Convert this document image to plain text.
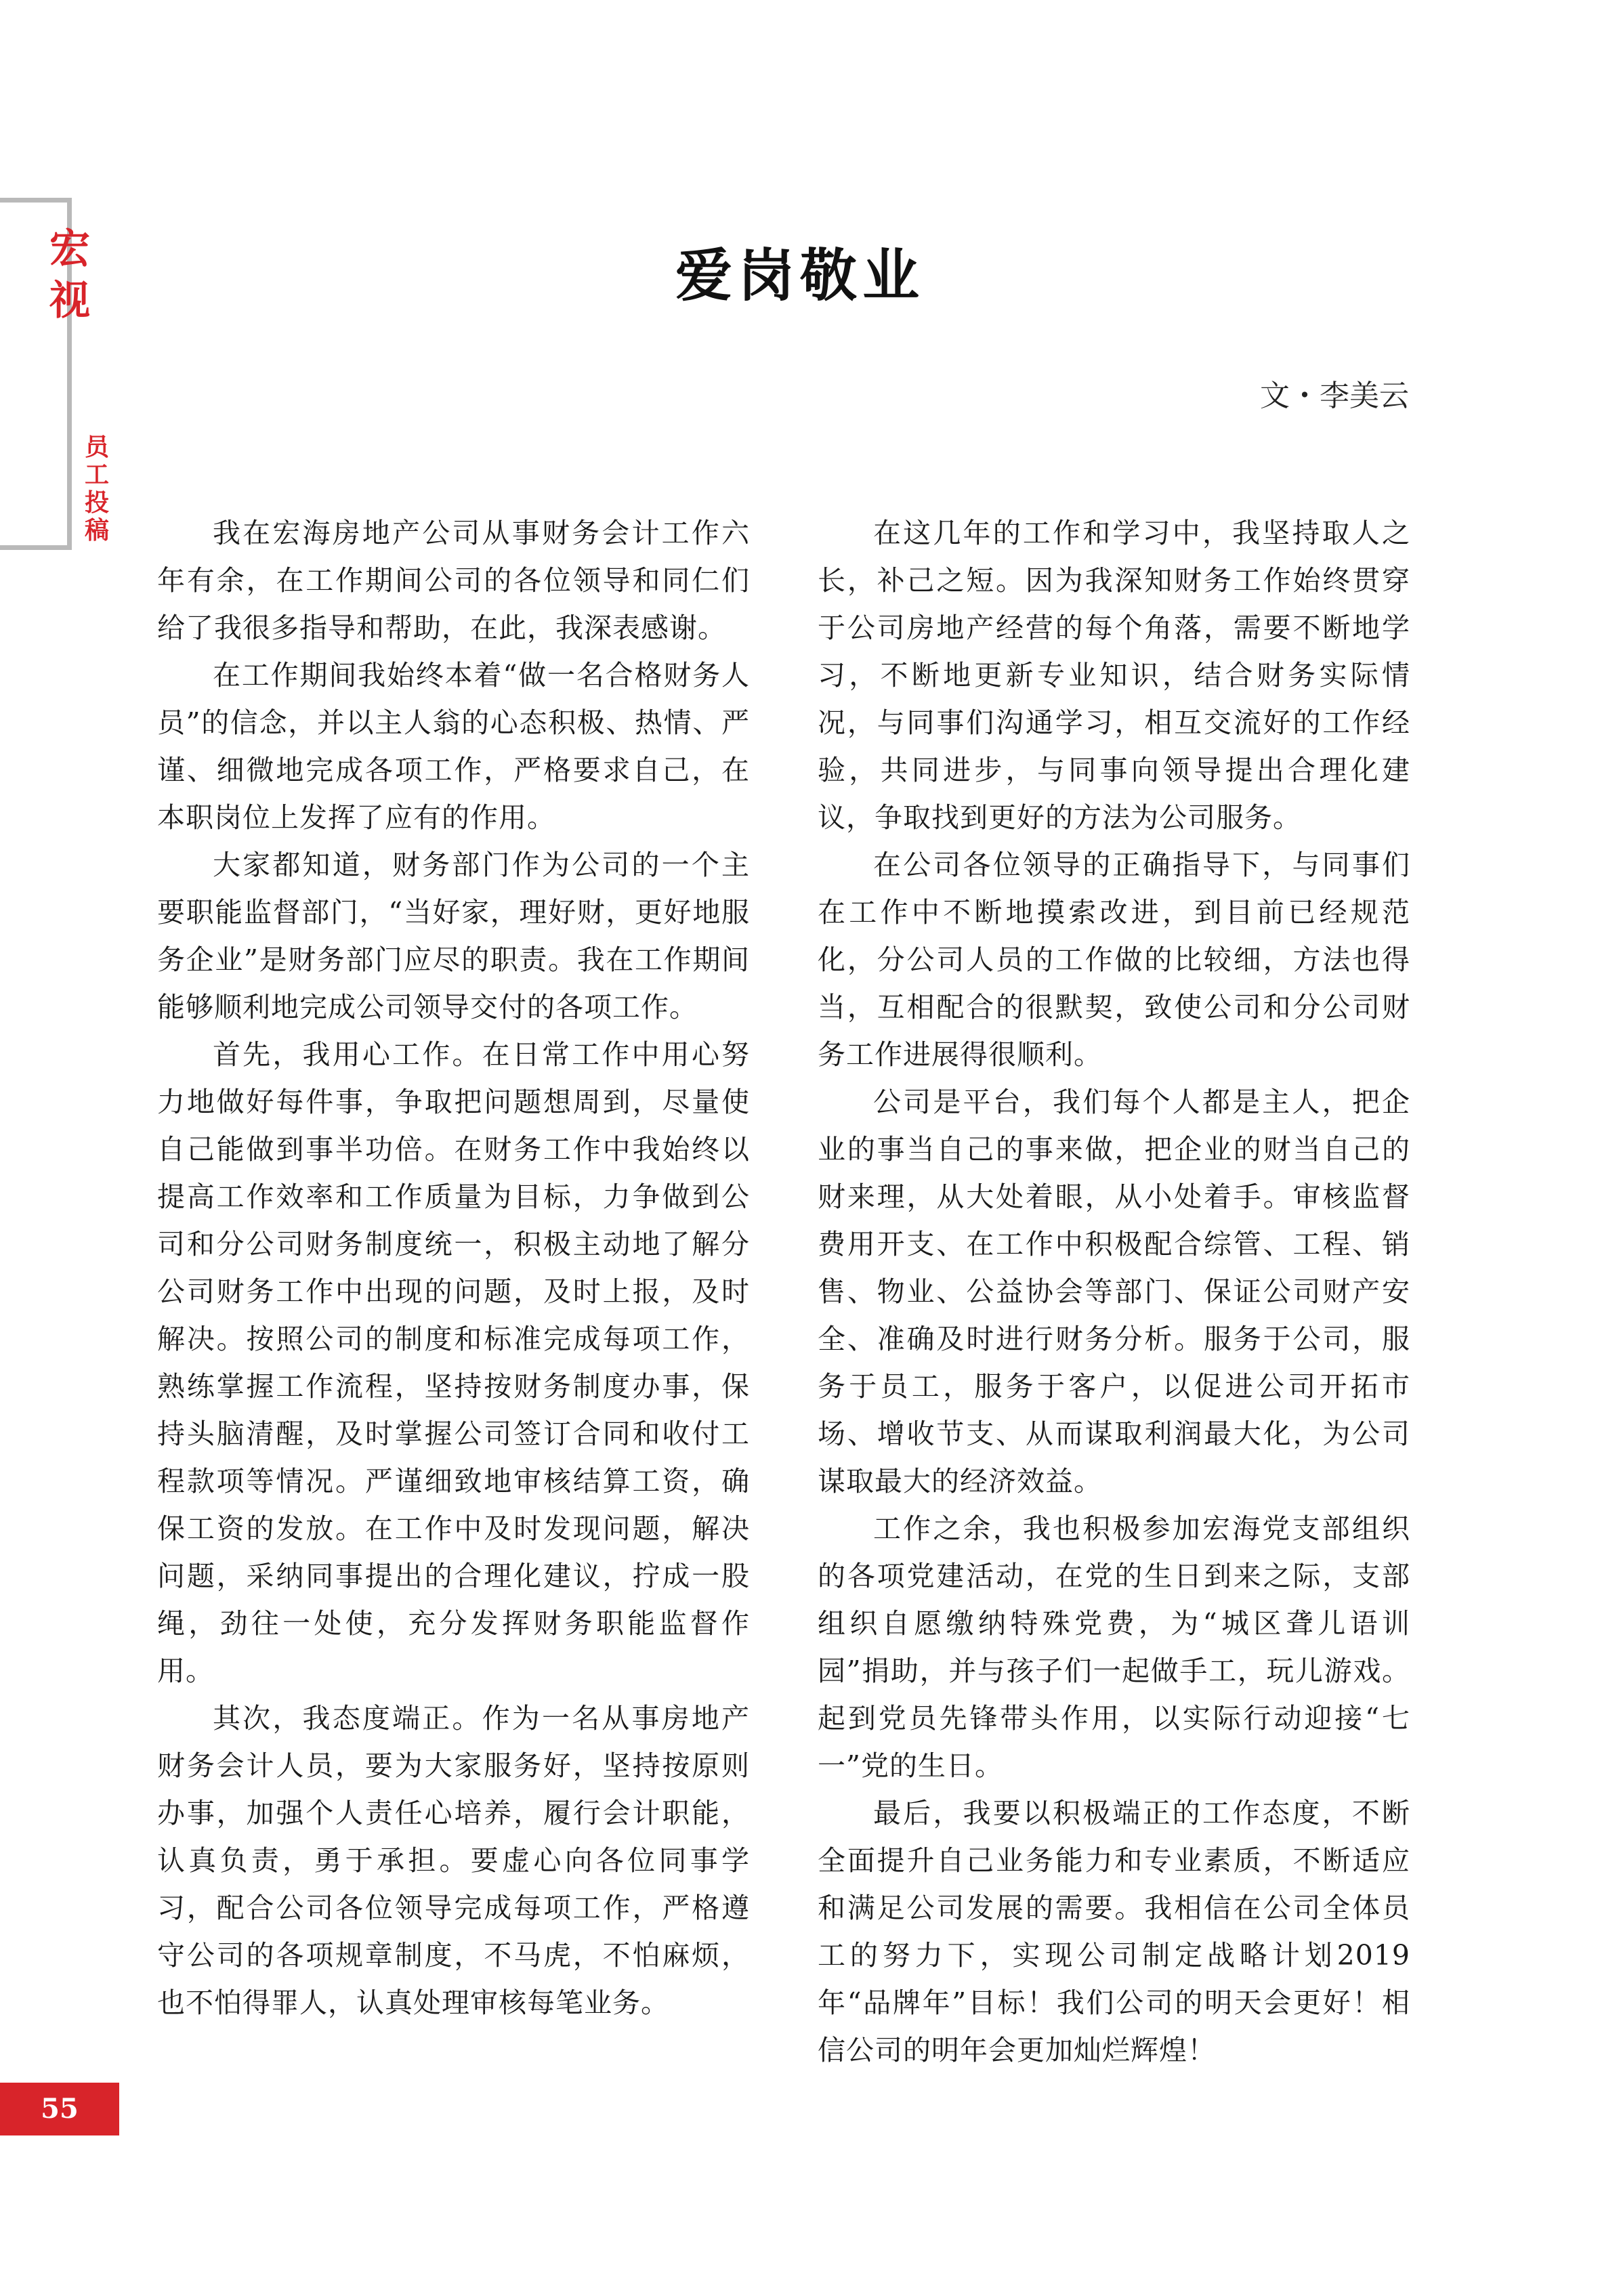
宏
视
员
工
投
稿
爱岗敬业

文・李美云

我在宏海房地产公司从事财务会计工作六年有余，在工作期间公司的各位领导和同仁们给了我很多指导和帮助，在此，我深表感谢。

在工作期间我始终本着“做一名合格财务人员”的信念，并以主人翁的心态积极、热情、严谨、细微地完成各项工作，严格要求自己，在本职岗位上发挥了应有的作用。

大家都知道，财务部门作为公司的一个主要职能监督部门，“当好家，理好财，更好地服务企业”是财务部门应尽的职责。我在工作期间能够顺利地完成公司领导交付的各项工作。

首先，我用心工作。在日常工作中用心努力地做好每件事，争取把问题想周到，尽量使自己能做到事半功倍。在财务工作中我始终以提高工作效率和工作质量为目标，力争做到公司和分公司财务制度统一，积极主动地了解分公司财务工作中出现的问题，及时上报，及时解决。按照公司的制度和标准完成每项工作，熟练掌握工作流程，坚持按财务制度办事，保持头脑清醒，及时掌握公司签订合同和收付工程款项等情况。严谨细致地审核结算工资，确保工资的发放。在工作中及时发现问题，解决问题，采纳同事提出的合理化建议，拧成一股绳，劲往一处使，充分发挥财务职能监督作用。

其次，我态度端正。作为一名从事房地产财务会计人员，要为大家服务好，坚持按原则办事，加强个人责任心培养，履行会计职能，认真负责，勇于承担。要虚心向各位同事学习，配合公司各位领导完成每项工作，严格遵守公司的各项规章制度，不马虎，不怕麻烦，也不怕得罪人，认真处理审核每笔业务。

在这几年的工作和学习中，我坚持取人之长，补己之短。因为我深知财务工作始终贯穿于公司房地产经营的每个角落，需要不断地学习，不断地更新专业知识，结合财务实际情况，与同事们沟通学习，相互交流好的工作经验，共同进步，与同事向领导提出合理化建议，争取找到更好的方法为公司服务。

在公司各位领导的正确指导下，与同事们在工作中不断地摸索改进，到目前已经规范化，分公司人员的工作做的比较细，方法也得当，互相配合的很默契，致使公司和分公司财务工作进展得很顺利。

公司是平台，我们每个人都是主人，把企业的事当自己的事来做，把企业的财当自己的财来理，从大处着眼，从小处着手。审核监督费用开支、在工作中积极配合综管、工程、销售、物业、公益协会等部门、保证公司财产安全、准确及时进行财务分析。服务于公司，服务于员工，服务于客户，以促进公司开拓市场、增收节支、从而谋取利润最大化，为公司谋取最大的经济效益。

工作之余，我也积极参加宏海党支部组织的各项党建活动，在党的生日到来之际，支部组织自愿缴纳特殊党费，为“城区聋儿语训园”捐助，并与孩子们一起做手工，玩儿游戏。起到党员先锋带头作用，以实际行动迎接“七一”党的生日。

最后，我要以积极端正的工作态度，不断全面提升自己业务能力和专业素质，不断适应和满足公司发展的需要。我相信在公司全体员工的努力下，实现公司制定战略计划2019年“品牌年”目标！我们公司的明天会更好！相信公司的明年会更加灿烂辉煌！

55
